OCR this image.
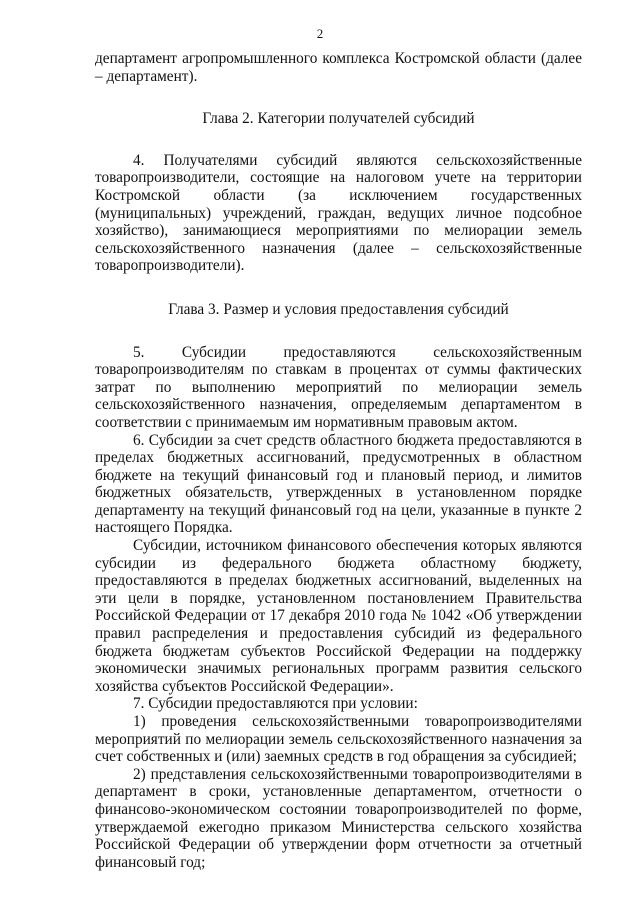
2

департамент агропромышленного комплекса Костромской области (далее – департамент).

Глава 2. Категории получателей субсидий

4. Получателями субсидий являются сельскохозяйственные товаропроизводители, состоящие на налоговом учете на территории Костромской области (за исключением государственных (муниципальных) учреждений, граждан, ведущих личное подсобное хозяйство), занимающиеся мероприятиями по мелиорации земель сельскохозяйственного назначения (далее – сельскохозяйственные товаропроизводители).

Глава 3. Размер и условия предоставления субсидий

5. Субсидии предоставляются сельскохозяйственным товаропроизводителям по ставкам в процентах от суммы фактических затрат по выполнению мероприятий по мелиорации земель сельскохозяйственного назначения, определяемым департаментом в соответствии с принимаемым им нормативным правовым актом.

6. Субсидии за счет средств областного бюджета предоставляются в пределах бюджетных ассигнований, предусмотренных в областном бюджете на текущий финансовый год и плановый период, и лимитов бюджетных обязательств, утвержденных в установленном порядке департаменту на текущий финансовый год на цели, указанные в пункте 2 настоящего Порядка.

Субсидии, источником финансового обеспечения которых являются субсидии из федерального бюджета областному бюджету, предоставляются в пределах бюджетных ассигнований, выделенных на эти цели в порядке, установленном постановлением Правительства Российской Федерации от 17 декабря 2010 года № 1042 «Об утверждении правил распределения и предоставления субсидий из федерального бюджета бюджетам субъектов Российской Федерации на поддержку экономически значимых региональных программ развития сельского хозяйства субъектов Российской Федерации».

7. Субсидии предоставляются при условии:

1) проведения сельскохозяйственными товаропроизводителями мероприятий по мелиорации земель сельскохозяйственного назначения за счет собственных и (или) заемных средств в год обращения за субсидией;

2) представления сельскохозяйственными товаропроизводителями в департамент в сроки, установленные департаментом, отчетности о финансово-экономическом состоянии товаропроизводителей по форме, утверждаемой ежегодно приказом Министерства сельского хозяйства Российской Федерации об утверждении форм отчетности за отчетный финансовый год;
